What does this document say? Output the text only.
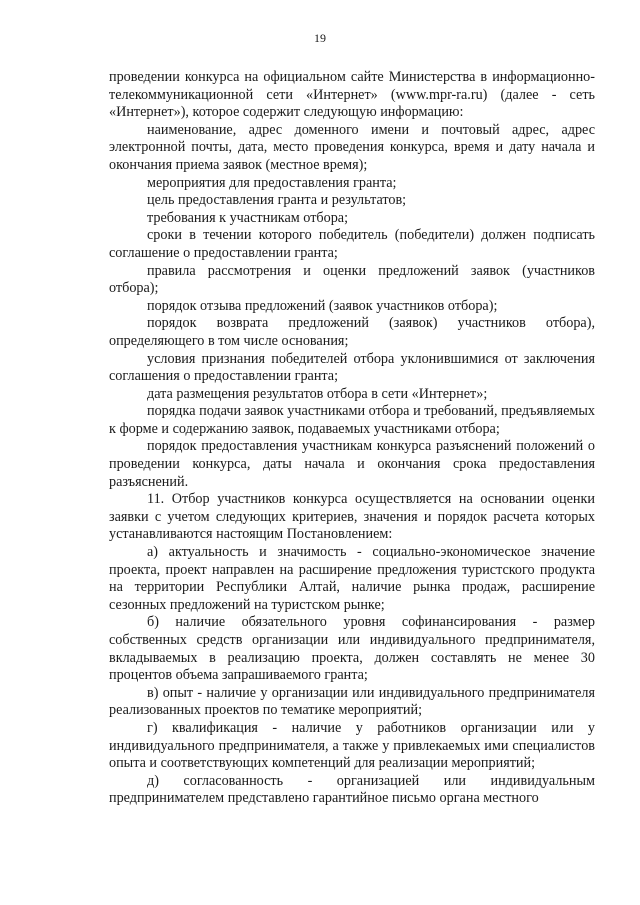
19

проведении конкурса на официальном сайте Министерства в информационно-телекоммуникационной сети «Интернет» (www.mpr-ra.ru) (далее - сеть «Интернет»), которое содержит следующую информацию:

наименование, адрес доменного имени и почтовый адрес, адрес электронной почты, дата, место проведения конкурса, время и дату начала и окончания приема заявок (местное время);

мероприятия для предоставления гранта;

цель предоставления гранта и результатов;

требования к участникам отбора;

сроки в течении которого победитель (победители) должен подписать соглашение о предоставлении гранта;

правила рассмотрения и оценки предложений заявок (участников отбора);

порядок отзыва предложений (заявок участников отбора);

порядок возврата предложений (заявок) участников отбора), определяющего в том числе основания;

условия признания победителей отбора уклонившимися от заключения соглашения о предоставлении гранта;

дата размещения результатов отбора в сети «Интернет»;

порядка подачи заявок участниками отбора и требований, предъявляемых к форме и содержанию заявок, подаваемых участниками отбора;

порядок предоставления участникам конкурса разъяснений положений о проведении конкурса, даты начала и окончания срока предоставления разъяснений.

11. Отбор участников конкурса осуществляется на основании оценки заявки с учетом следующих критериев, значения и порядок расчета которых устанавливаются настоящим Постановлением:

а) актуальность и значимость - социально-экономическое значение проекта, проект направлен на расширение предложения туристского продукта на территории Республики Алтай, наличие рынка продаж, расширение сезонных предложений на туристском рынке;

б) наличие обязательного уровня софинансирования - размер собственных средств организации или индивидуального предпринимателя, вкладываемых в реализацию проекта, должен составлять не менее 30 процентов объема запрашиваемого гранта;

в) опыт - наличие у организации или индивидуального предпринимателя реализованных проектов по тематике мероприятий;

г) квалификация - наличие у работников организации или у индивидуального предпринимателя, а также у привлекаемых ими специалистов опыта и соответствующих компетенций для реализации мероприятий;

д) согласованность - организацией или индивидуальным предпринимателем представлено гарантийное письмо органа местного
